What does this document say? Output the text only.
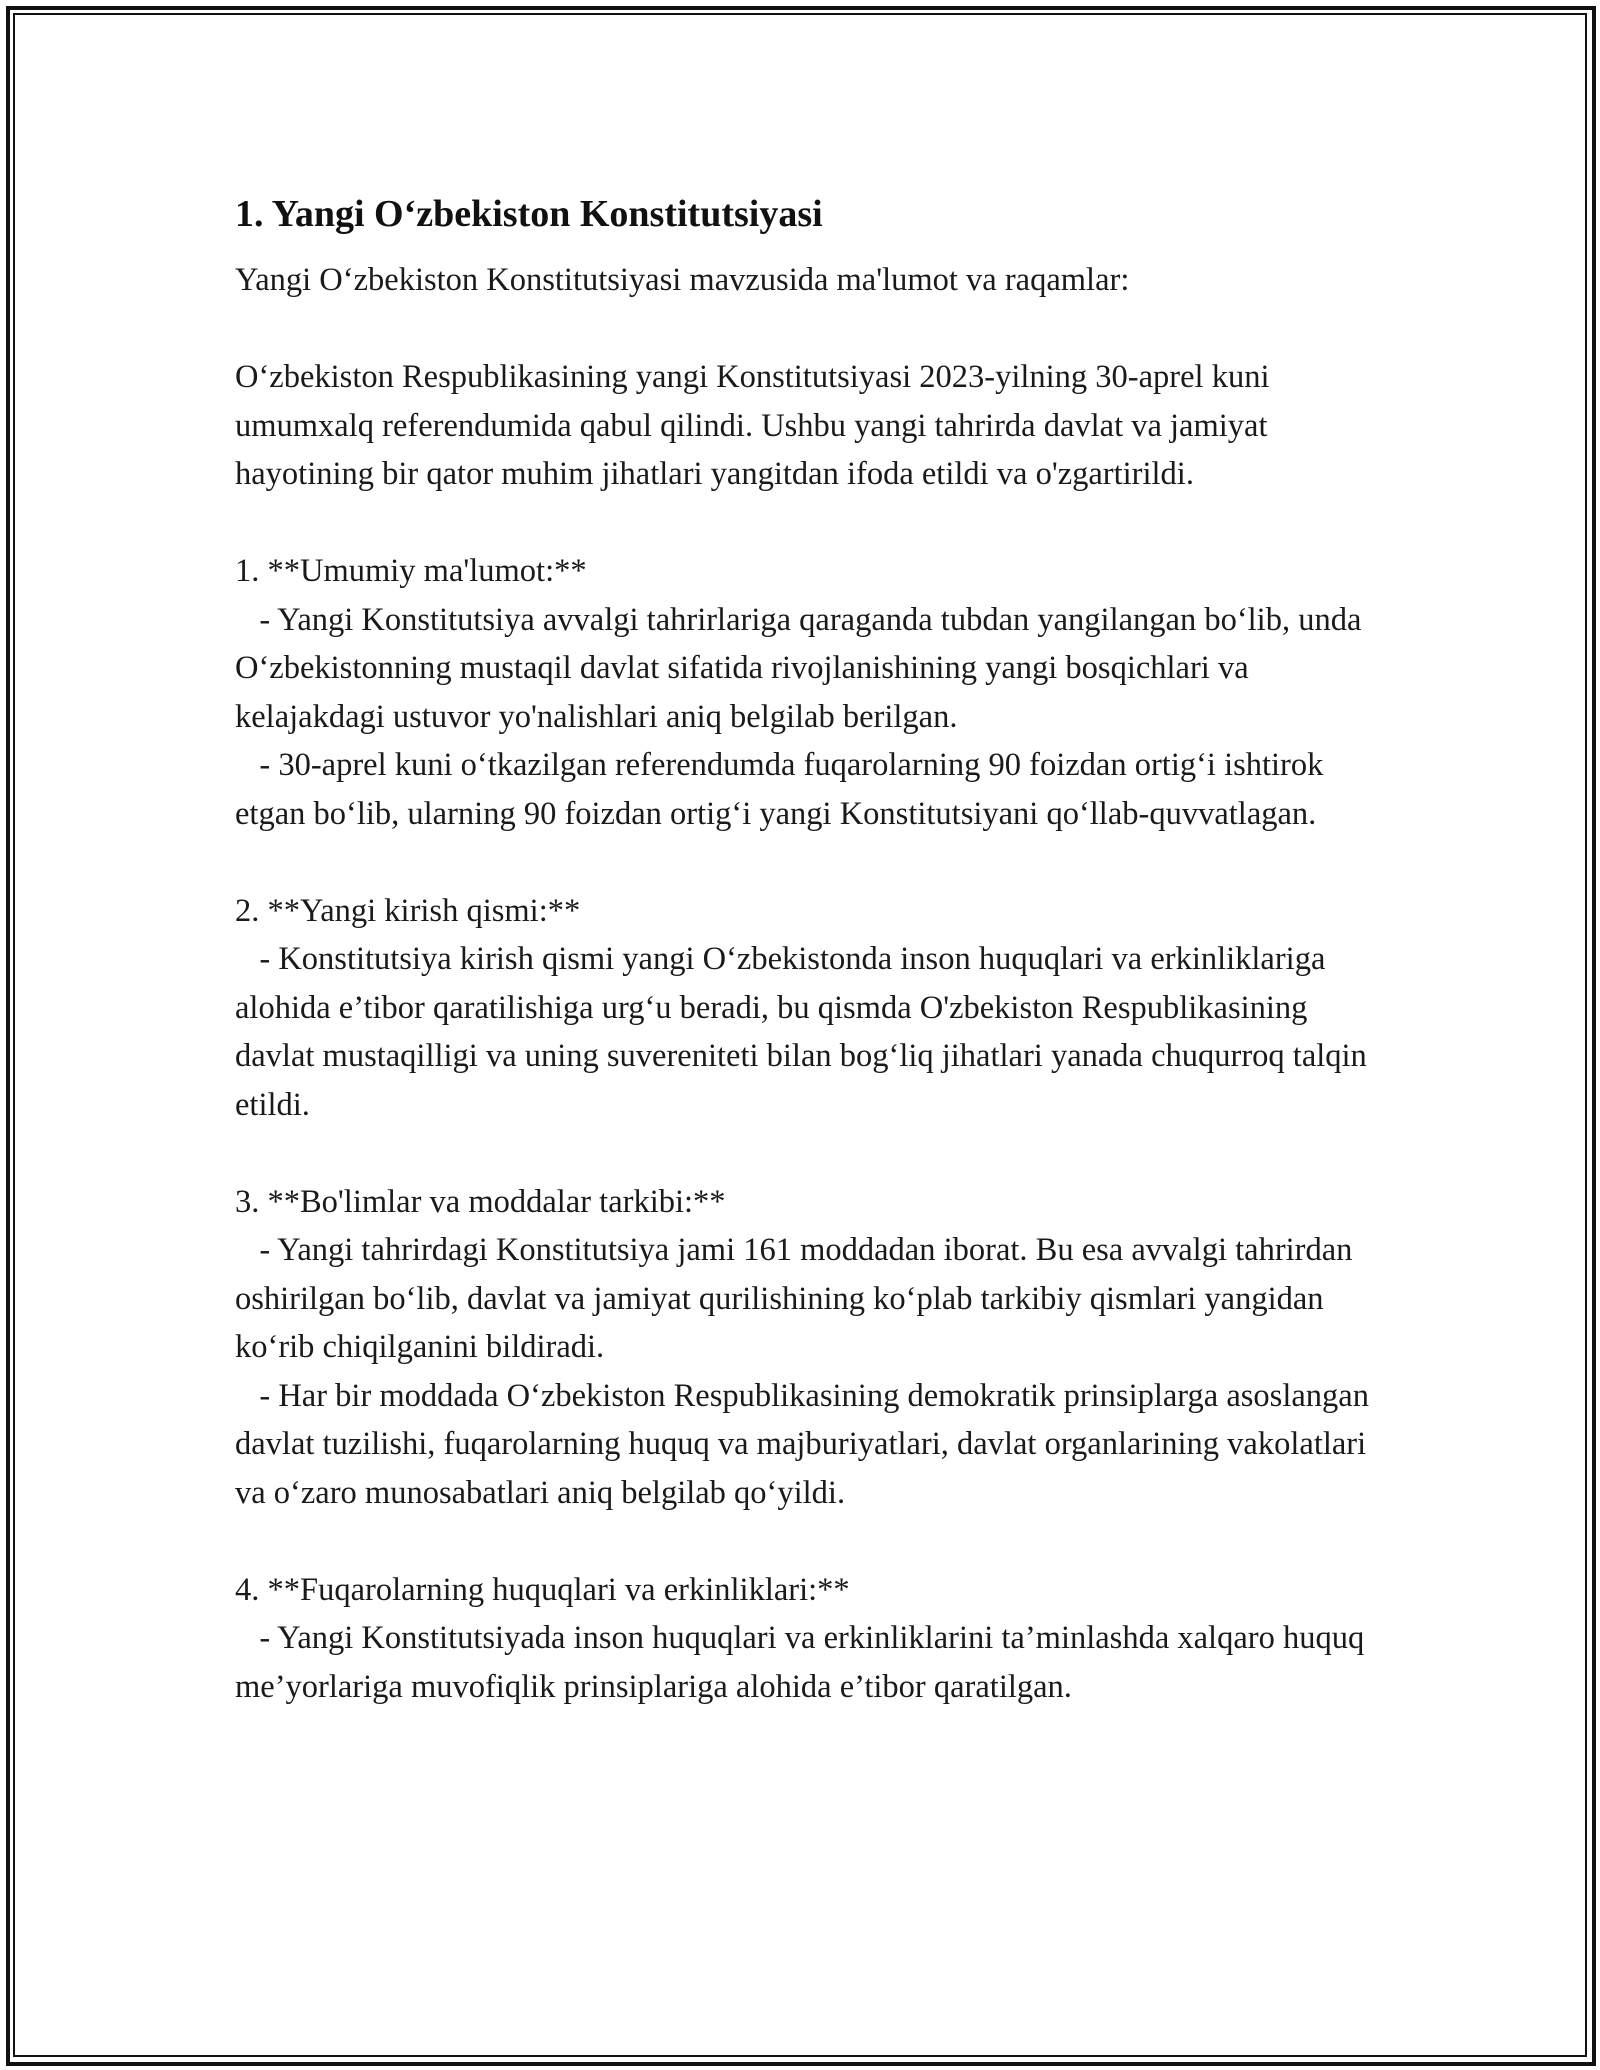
1. Yangi O‘zbekiston Konstitutsiyasi

Yangi O‘zbekiston Konstitutsiyasi mavzusida ma'lumot va raqamlar:

O‘zbekiston Respublikasining yangi Konstitutsiyasi 2023-yilning 30-aprel kuni umumxalq referendumida qabul qilindi. Ushbu yangi tahrirda davlat va jamiyat hayotining bir qator muhim jihatlari yangitdan ifoda etildi va o'zgartirildi.

1. **Umumiy ma'lumot:**

- Yangi Konstitutsiya avvalgi tahrirlariga qaraganda tubdan yangilangan bo‘lib, unda O‘zbekistonning mustaqil davlat sifatida rivojlanishining yangi bosqichlari va kelajakdagi ustuvor yo'nalishlari aniq belgilab berilgan.

- 30-aprel kuni o‘tkazilgan referendumda fuqarolarning 90 foizdan ortig‘i ishtirok etgan bo‘lib, ularning 90 foizdan ortig‘i yangi Konstitutsiyani qo‘llab-quvvatlagan.

2. **Yangi kirish qismi:**

- Konstitutsiya kirish qismi yangi O‘zbekistonda inson huquqlari va erkinliklariga alohida e’tibor qaratilishiga urg‘u beradi, bu qismda O'zbekiston Respublikasining davlat mustaqilligi va uning suvereniteti bilan bog‘liq jihatlari yanada chuqurroq talqin etildi.

3. **Bo'limlar va moddalar tarkibi:**

- Yangi tahrirdagi Konstitutsiya jami 161 moddadan iborat. Bu esa avvalgi tahrirdan oshirilgan bo‘lib, davlat va jamiyat qurilishining ko‘plab tarkibiy qismlari yangidan ko‘rib chiqilganini bildiradi.

- Har bir moddada O‘zbekiston Respublikasining demokratik prinsiplarga asoslangan davlat tuzilishi, fuqarolarning huquq va majburiyatlari, davlat organlarining vakolatlari va o‘zaro munosabatlari aniq belgilab qo‘yildi.

4. **Fuqarolarning huquqlari va erkinliklari:**

- Yangi Konstitutsiyada inson huquqlari va erkinliklarini ta’minlashda xalqaro huquq me’yorlariga muvofiqlik prinsiplariga alohida e’tibor qaratilgan.
